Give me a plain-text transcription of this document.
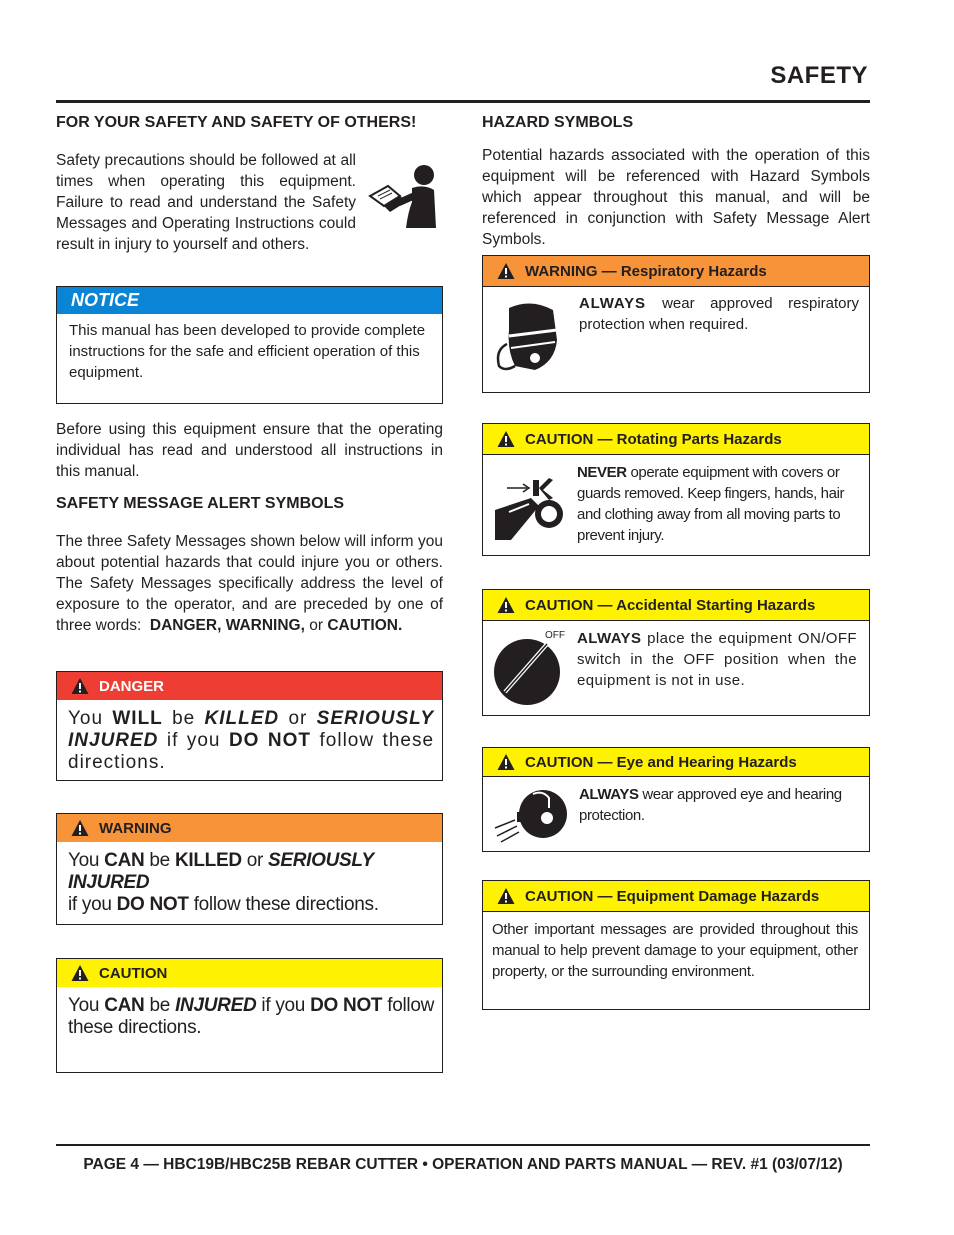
SAFETY
FOR YOUR SAFETY AND SAFETY OF OTHERS!
Safety precautions should be followed at all times when operating this equipment. Failure to read and understand the Safety Messages and Operating Instructions could result in injury to yourself and others.
NOTICE
This manual has been developed to provide complete instructions for the safe and efficient operation of this equipment.
Before using this equipment ensure that the operating individual has read and understood all instructions in this manual.
SAFETY MESSAGE ALERT SYMBOLS
The three Safety Messages shown below will inform you about potential hazards that could injure you or others. The Safety Messages specifically address the level of exposure to the operator, and are preceded by one of three words: DANGER, WARNING, or CAUTION.
DANGER
You WILL be KILLED or SERIOUSLY INJURED if you DO NOT follow these directions.
WARNING
You CAN be KILLED or SERIOUSLY INJURED
if you DO NOT follow these directions.
CAUTION
You CAN be INJURED if you DO NOT follow these directions.
HAZARD SYMBOLS
Potential hazards associated with the operation of this equipment will be referenced with Hazard Symbols which appear throughout this manual, and will be referenced in conjunction with Safety Message Alert Symbols.
WARNING — Respiratory Hazards
ALWAYS wear approved respiratory protection when required.
CAUTION — Rotating Parts Hazards
NEVER operate equipment with covers or guards removed. Keep fingers, hands, hair and clothing away from all moving parts to prevent injury.
CAUTION — Accidental Starting Hazards
OFF ALWAYS place the equipment ON/OFF switch in the OFF position when the equipment is not in use.
CAUTION — Eye and Hearing Hazards
ALWAYS wear approved eye and hearing protection.
CAUTION — Equipment Damage Hazards
Other important messages are provided throughout this manual to help prevent damage to your equipment, other property, or the surrounding environment.
PAGE 4 — HBC19B/HBC25B REBAR CUTTER • OPERATION AND PARTS MANUAL — REV. #1 (03/07/12)
